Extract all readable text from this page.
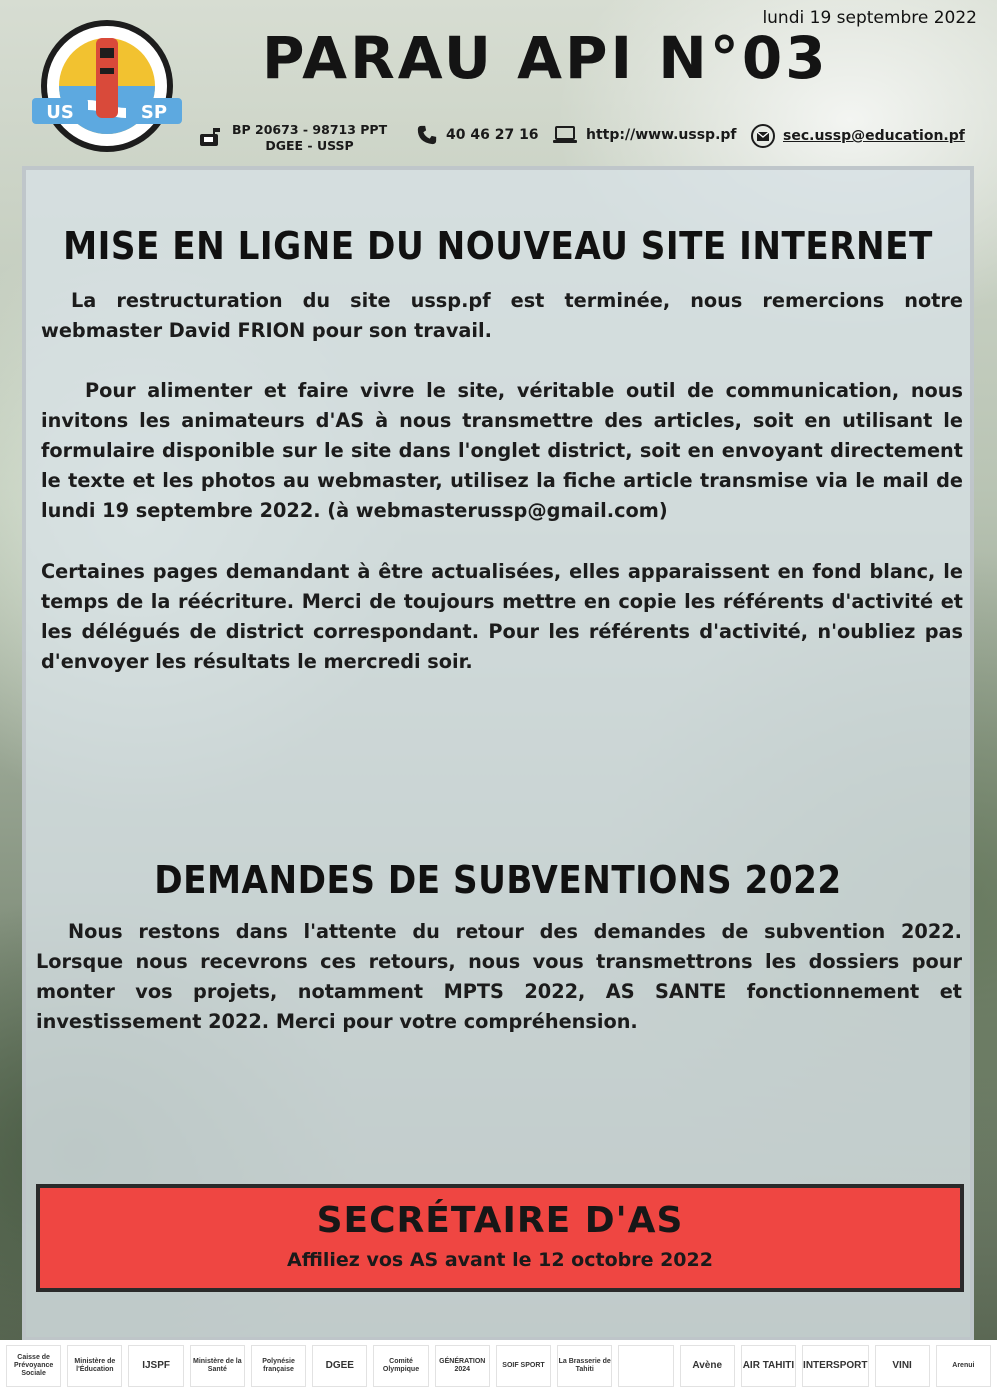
US	SP
lundi 19 septembre 2022
PARAU API N°03
BP 20673 - 98713 PPT
DGEE - USSP
40 46 27 16	http://www.ussp.pf	sec.ussp@education.pf
MISE EN LIGNE DU NOUVEAU SITE INTERNET

La restructuration du site ussp.pf est terminée, nous remercions notre webmaster David FRION pour son travail.

Pour alimenter et faire vivre le site, véritable outil de communication, nous invitons les animateurs d'AS à nous transmettre des articles, soit en utilisant le formulaire disponible sur le site dans l'onglet district, soit en envoyant directement le texte et les photos au webmaster, utilisez la fiche article transmise via le mail de lundi 19 septembre 2022. (à webmasterussp@gmail.com)

Certaines pages demandant à être actualisées, elles apparaissent en fond blanc, le temps de la réécriture. Merci de toujours mettre en copie les référents d'activité et les délégués de district correspondant. Pour les référents d'activité, n'oubliez pas d'envoyer les résultats le mercredi soir.

DEMANDES DE SUBVENTIONS 2022

Nous restons dans l'attente du retour des demandes de subvention 2022. Lorsque nous recevrons ces retours, nous vous transmettrons les dossiers pour monter vos projets, notamment MPTS 2022, AS SANTE fonctionnement et investissement 2022. Merci pour votre compréhension.

SECRÉTAIRE D'AS
Affiliez vos AS avant le 12 octobre 2022
Caisse de Prévoyance Sociale
Ministère de l'Éducation	IJSPF	Ministère de la Santé
Polynésie française	DGEE	Comité Olympique
GÉNÉRATION 2024
SOIF SPORT
La Brasserie de Tahiti	Avène	AIR TAHITI INTERSPORT	VINI	Arenui
